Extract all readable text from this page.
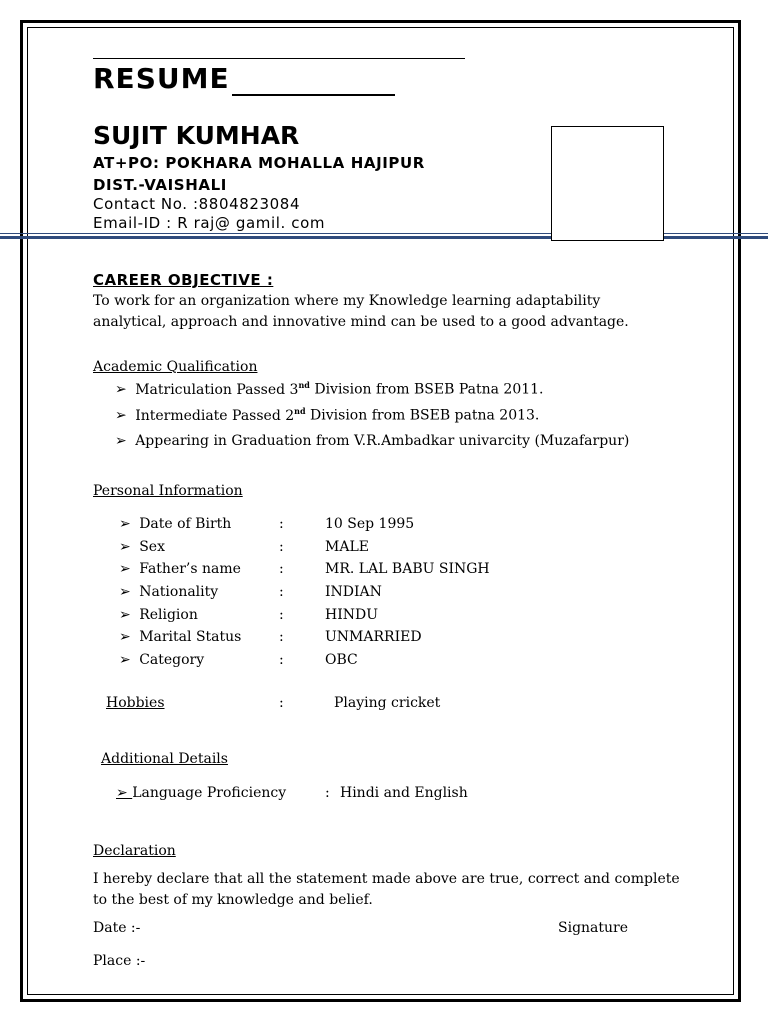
RESUME
SUJIT KUMHAR
AT+PO: POKHARA MOHALLA HAJIPUR
DIST.-VAISHALI
Contact No. :8804823084
Email-ID : R raj@ gamil. com
CAREER OBJECTIVE :
To work for an organization where my Knowledge learning adaptability
analytical, approach and innovative mind can be used to a good advantage.
Academic Qualification
➢ Matriculation Passed 3nd Division from BSEB Patna 2011.
➢ Intermediate Passed 2nd Division from BSEB patna 2013.
➢ Appearing in Graduation from V.R.Ambadkar univarcity (Muzafarpur)
Personal Information
➢ Date of Birth	:	10 Sep 1995
➢ Sex	:	MALE
➢ Father’s name	:	MR. LAL BABU SINGH
➢ Nationality	:	INDIAN
➢ Religion	:	HINDU
➢ Marital Status	:	UNMARRIED
➢ Category	:	OBC
Hobbies	:	Playing cricket
Additional Details
➢ Language Proficiency	: Hindi and English
Declaration
I hereby declare that all the statement made above are true, correct and complete
to the best of my knowledge and belief.
Date :-	Signature
Place :-
